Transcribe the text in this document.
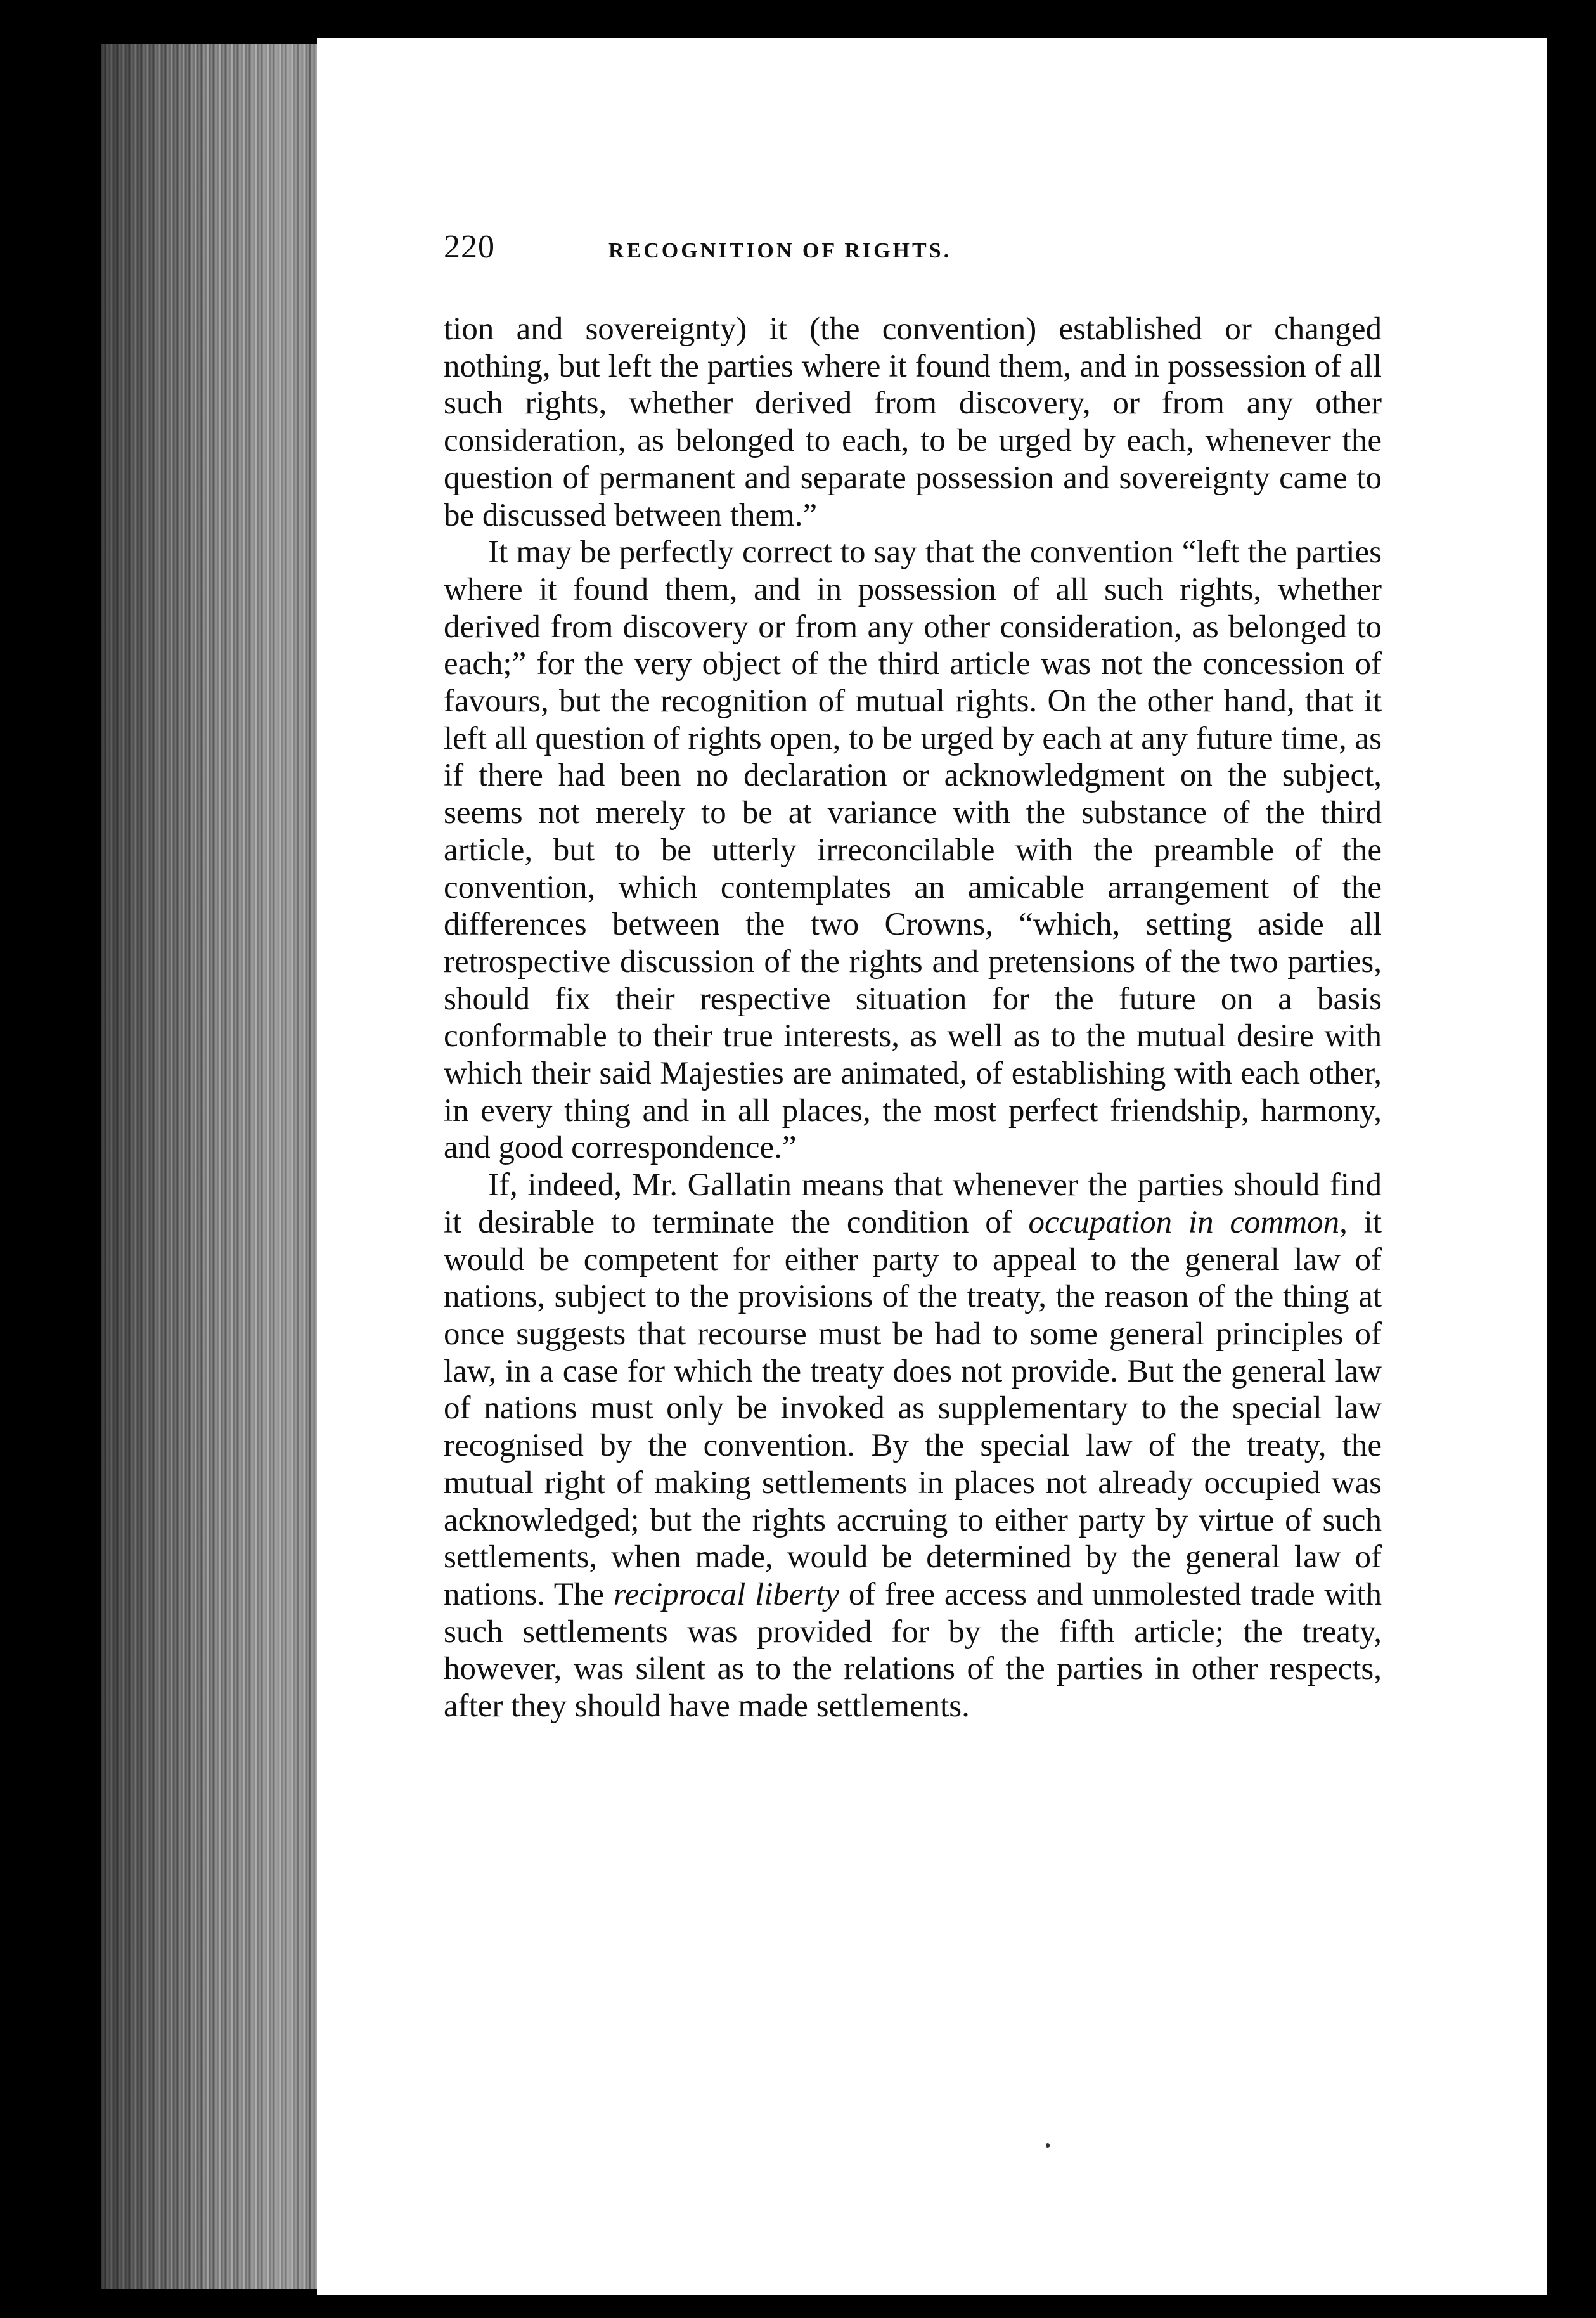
220	RECOGNITION OF RIGHTS.

tion and sovereignty) it (the convention) established or changed nothing, but left the parties where it found them, and in possession of all such rights, whether derived from discovery, or from any other consideration, as belonged to each, to be urged by each, whenever the question of permanent and separate possession and sovereignty came to be discussed between them.”

It may be perfectly correct to say that the convention “left the parties where it found them, and in possession of all such rights, whether derived from discovery or from any other consideration, as belonged to each;” for the very object of the third article was not the concession of favours, but the recognition of mutual rights. On the other hand, that it left all question of rights open, to be urged by each at any future time, as if there had been no declaration or acknowledgment on the subject, seems not merely to be at variance with the substance of the third article, but to be utterly irreconcilable with the preamble of the convention, which contemplates an amicable arrangement of the differences between the two Crowns, “which, setting aside all retrospective discussion of the rights and pretensions of the two parties, should fix their respective situation for the future on a basis conformable to their true interests, as well as to the mutual desire with which their said Majesties are animated, of establishing with each other, in every thing and in all places, the most perfect friendship, harmony, and good correspondence.”

If, indeed, Mr. Gallatin means that whenever the parties should find it desirable to terminate the condition of occupation in common, it would be competent for either party to appeal to the general law of nations, subject to the provisions of the treaty, the reason of the thing at once suggests that recourse must be had to some general principles of law, in a case for which the treaty does not provide. But the general law of nations must only be invoked as supplementary to the special law recognised by the convention. By the special law of the treaty, the mutual right of making settlements in places not already occupied was acknowledged; but the rights accruing to either party by virtue of such settlements, when made, would be determined by the general law of nations. The reciprocal liberty of free access and unmolested trade with such settlements was provided for by the fifth article; the treaty, however, was silent as to the relations of the parties in other respects, after they should have made settlements.
